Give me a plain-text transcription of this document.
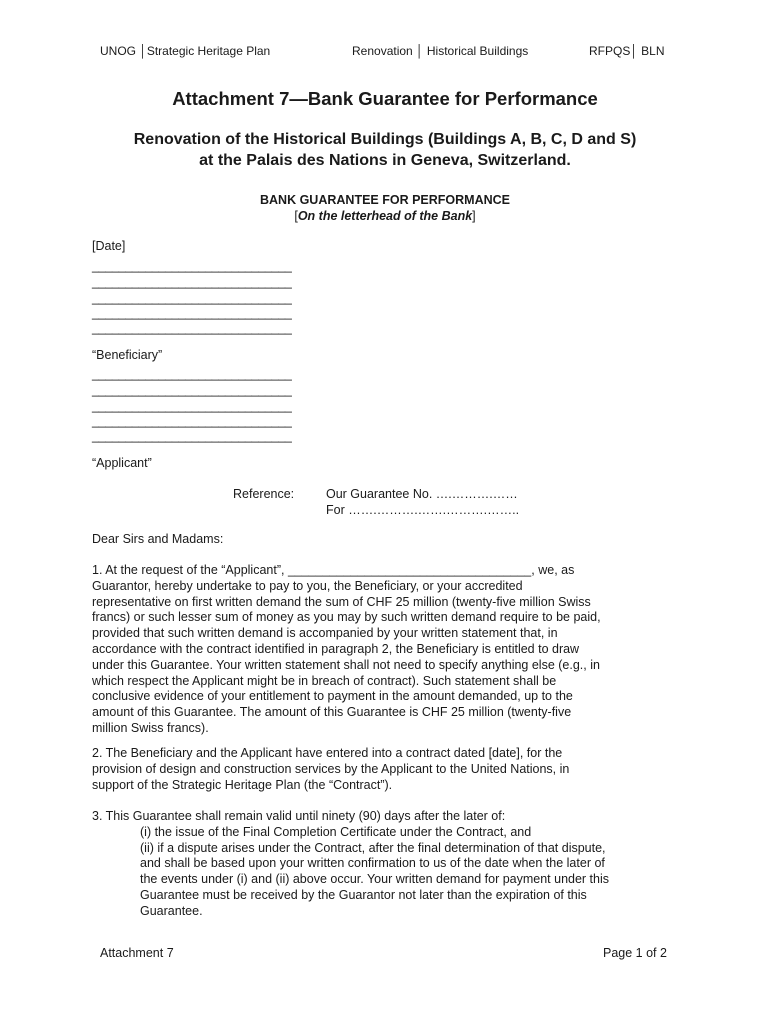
UNOG │Strategic Heritage Plan	Renovation │ Historical Buildings	RFPQS│ BLN
Attachment 7—Bank Guarantee for Performance
Renovation of the Historical Buildings (Buildings A, B, C, D and S)
at the Palais des Nations in Geneva, Switzerland.
BANK GUARANTEE FOR PERFORMANCE
[On the letterhead of the Bank]
[Date]
______________________________
______________________________
______________________________
______________________________
______________________________
“Beneficiary”
______________________________
______________________________
______________________________
______________________________
______________________________
“Applicant”
Reference:	Our Guarantee No. ….……….……
For …….……….…….……….……..
Dear Sirs and Madams:
1. At the request of the “Applicant”, ___________________________________, we, as
Guarantor, hereby undertake to pay to you, the Beneficiary, or your accredited
representative on first written demand the sum of CHF 25 million (twenty-five million Swiss
francs) or such lesser sum of money as you may by such written demand require to be paid,
provided that such written demand is accompanied by your written statement that, in
accordance with the contract identified in paragraph 2, the Beneficiary is entitled to draw
under this Guarantee. Your written statement shall not need to specify anything else (e.g., in
which respect the Applicant might be in breach of contract). Such statement shall be
conclusive evidence of your entitlement to payment in the amount demanded, up to the
amount of this Guarantee. The amount of this Guarantee is CHF 25 million (twenty-five
million Swiss francs).
2. The Beneficiary and the Applicant have entered into a contract dated [date], for the
provision of design and construction services by the Applicant to the United Nations, in
support of the Strategic Heritage Plan (the “Contract”).
3. This Guarantee shall remain valid until ninety (90) days after the later of:
(i) the issue of the Final Completion Certificate under the Contract, and
(ii) if a dispute arises under the Contract, after the final determination of that dispute,
and shall be based upon your written confirmation to us of the date when the later of
the events under (i) and (ii) above occur. Your written demand for payment under this
Guarantee must be received by the Guarantor not later than the expiration of this
Guarantee.
Attachment 7	Page 1 of 2
